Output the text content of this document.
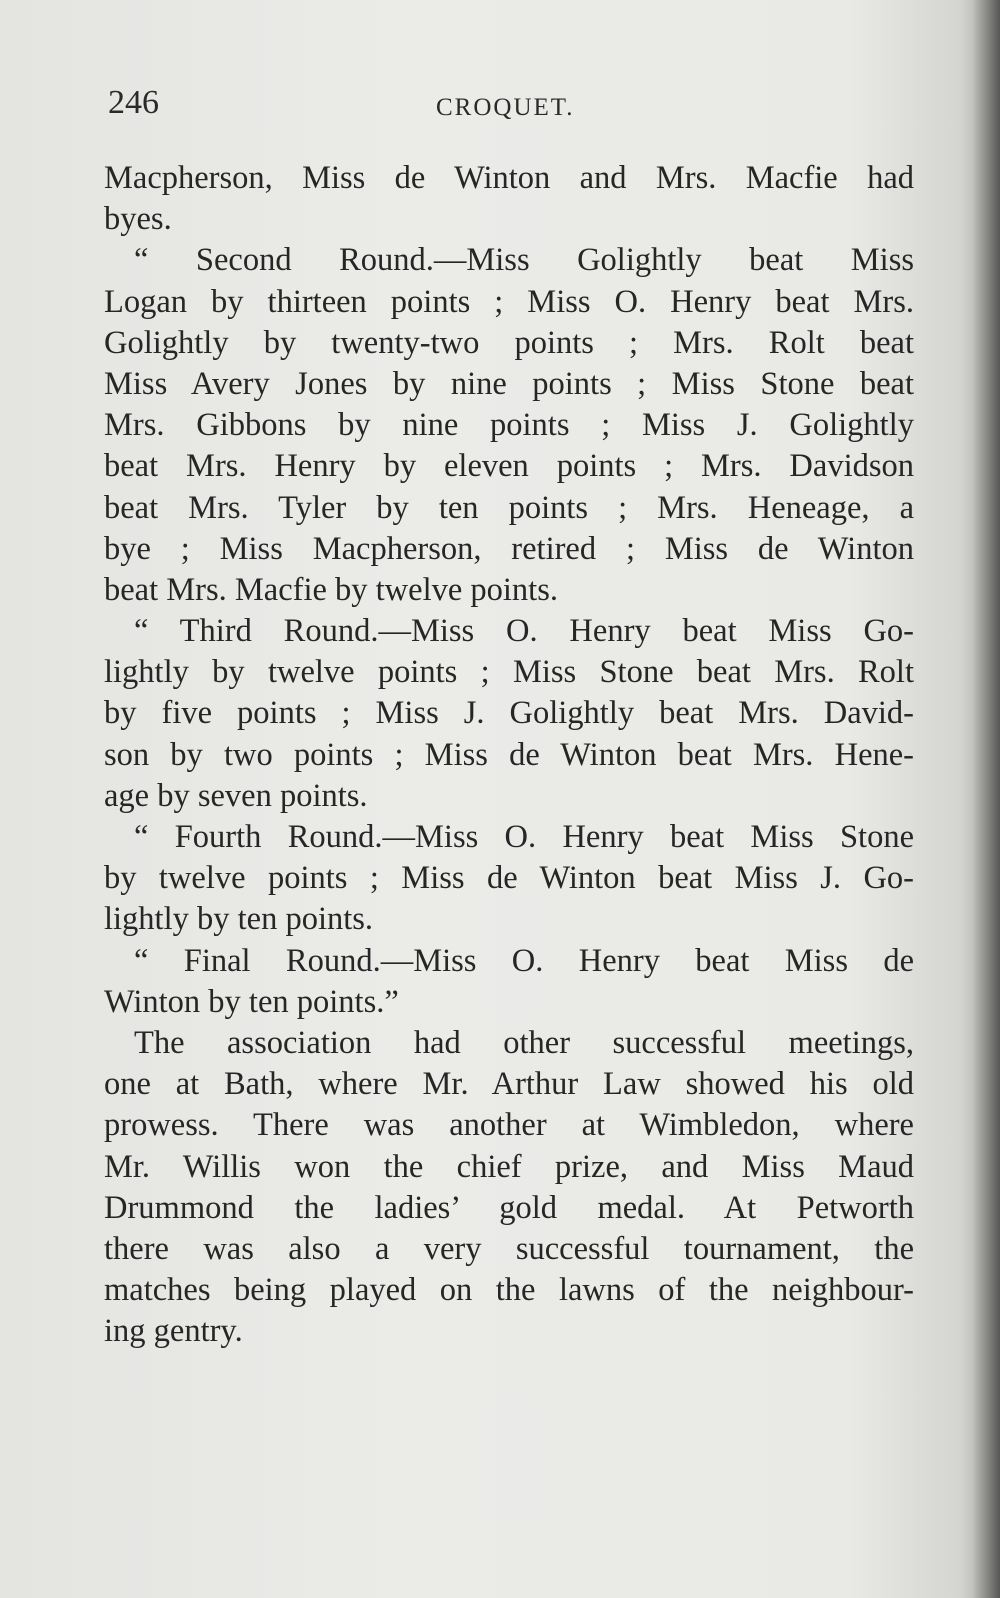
246	CROQUET.
Macpherson, Miss de Winton and Mrs. Macfie had
byes.
“ Second Round.—Miss Golightly beat Miss
Logan by thirteen points ; Miss O. Henry beat Mrs.
Golightly by twenty-two points ; Mrs. Rolt beat
Miss Avery Jones by nine points ; Miss Stone beat
Mrs. Gibbons by nine points ; Miss J. Golightly
beat Mrs. Henry by eleven points ; Mrs. Davidson
beat Mrs. Tyler by ten points ; Mrs. Heneage, a
bye ; Miss Macpherson, retired ; Miss de Winton
beat Mrs. Macfie by twelve points.
“ Third Round.—Miss O. Henry beat Miss Go-
lightly by twelve points ; Miss Stone beat Mrs. Rolt
by five points ; Miss J. Golightly beat Mrs. David-
son by two points ; Miss de Winton beat Mrs. Hene-
age by seven points.
“ Fourth Round.—Miss O. Henry beat Miss Stone
by twelve points ; Miss de Winton beat Miss J. Go-
lightly by ten points.
“ Final Round.—Miss O. Henry beat Miss de
Winton by ten points.”
The association had other successful meetings,
one at Bath, where Mr. Arthur Law showed his old
prowess. There was another at Wimbledon, where
Mr. Willis won the chief prize, and Miss Maud
Drummond the ladies’ gold medal. At Petworth
there was also a very successful tournament, the
matches being played on the lawns of the neighbour-
ing gentry.
